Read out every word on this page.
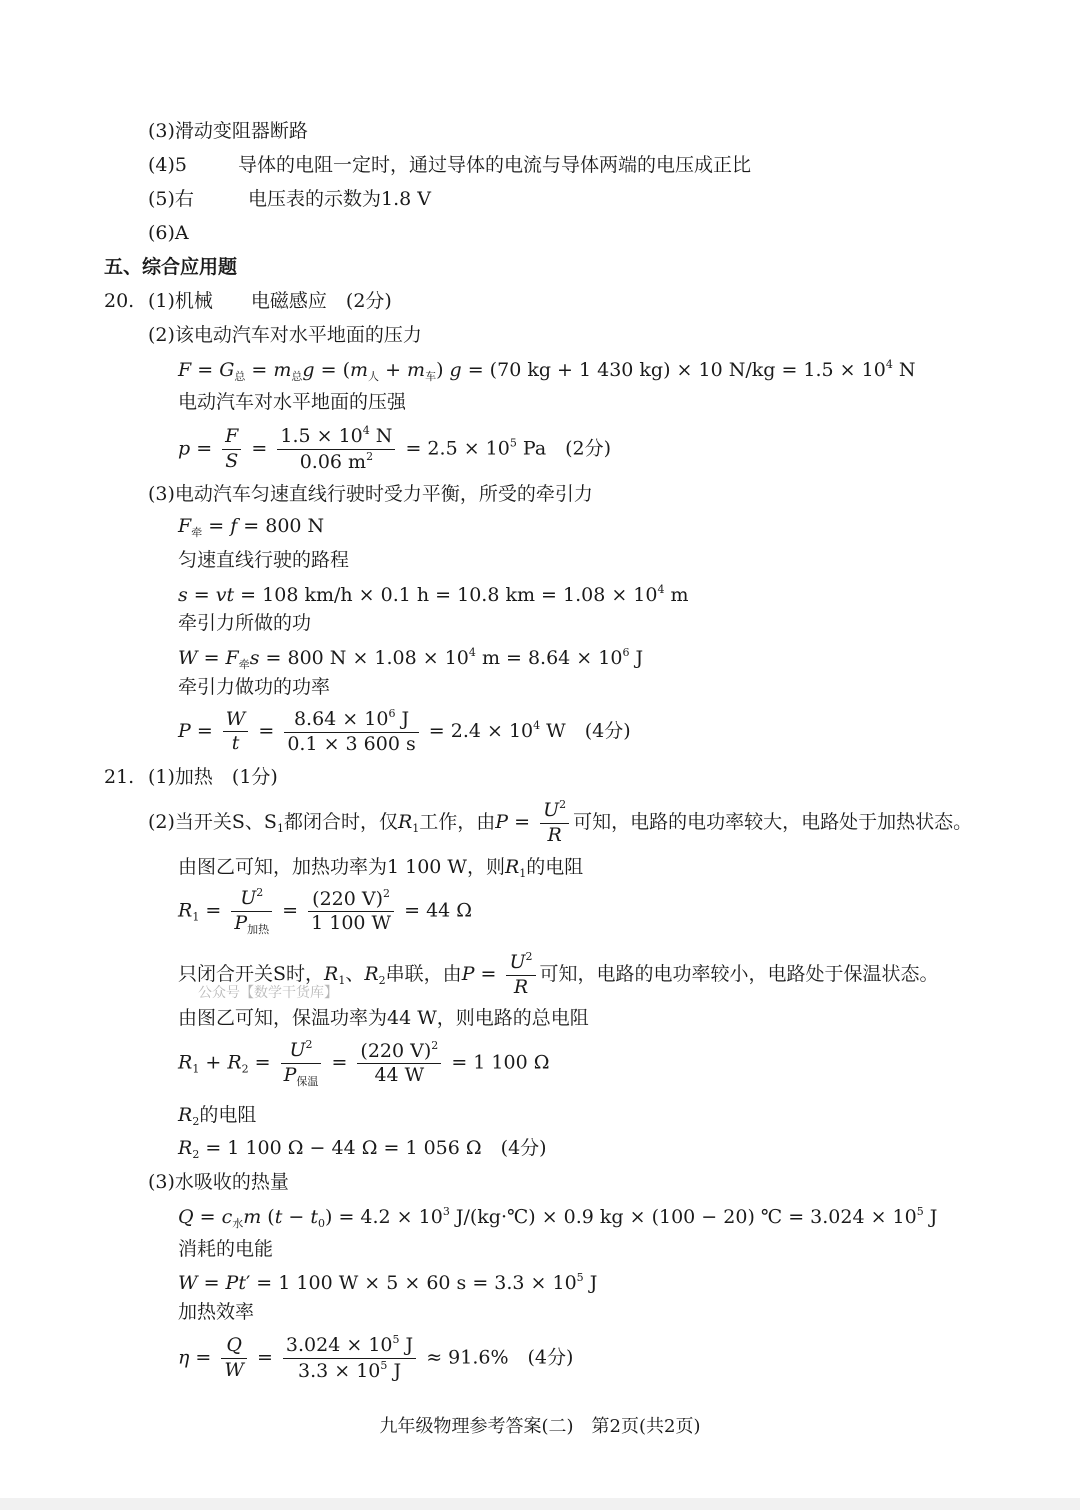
(3)滑动变阻器断路
(4)5	导体的电阻一定时，通过导体的电流与导体两端的电压成正比
(5)右	电压表的示数为1.8 V
(6)A
五、综合应用题
20. (1)机械　　电磁感应　(2分)
(2)该电动汽车对水平地面的压力
$F = G_总 = m_总g = (m_人 + m_车) g = (70$ kg + 1 430 kg) × 10 $N/kg = 1.5 \times 10^4$ N
电动汽车对水平地面的压强
$p = \frac{F}{S} = \frac{1.5 \times 10^4 N}{0.06 m^2} = 2.5 \times 10^5$ Pa　(2分)
(3)电动汽车匀速直线行驶时受力平衡，所受的牵引力
$F_牵 = f = 800$ N
匀速直线行驶的路程
s = vt = 108 km/h × 0.1 h = 10.8 km = $1.08 \times 10^4$ m
牵引力所做的功
$W = F_牵s = 800$ $N \times 1.08 \times 10^4$ $m = 8.64 \times 10^6$ J
牵引力做功的功率
$P = \frac{W}{t} = \frac{8.64 \times 10^6 J}{0.1 \times 3 600 s} = 2.4 \times 10^4$ W　(4分)
21. (1)加热　(1分)
(2)当开关S、$S_1$都闭合时，仅$R_1$工作，由$P = \frac{U^2}{R}$ 可知，电路的电功率较大，电路处于加热状态。
由图乙可知，加热功率为1 100 W，则$R_1$的电阻
$R_1 = \frac{U^2}{P_{加热}} = \frac{(220 V)^2}{1 100 W} = 44$ Ω
只闭合开关S时，$R_1$、$R_2$串联，由$P = \frac{U^2}{R}$ 可知，电路的电功率较小，电路处于保温状态。
公众号【数学干货库】
由图乙可知，保温功率为44 W，则电路的总电阻
$R_1 + R_2 = \frac{U^2}{P_{保温}} = \frac{(220 V)^2}{44 W} = 1$ 100 Ω
$R_2$的电阻
$R_2 = 1$ 100 Ω − 44 Ω = 1 056 Ω　(4分)
(3)水吸收的热量
$Q = c_水m$ $(t - t_0) = 4.2 \times 10^3$ J/(kg·℃) × 0.9 kg × (100 − 20) ℃ = $3.024 \times 10^5$ J
消耗的电能
W = Pt′ = 1 100 W × 5 × 60 $s = 3.3 \times 10^5$ J
加热效率
$\eta = \frac{Q}{W} = \frac{3.024 \times 10^5 J}{3.3 \times 10^5 J} \approx 91.6\%$　(4分)
九年级物理参考答案(二)　第2页(共2页)
